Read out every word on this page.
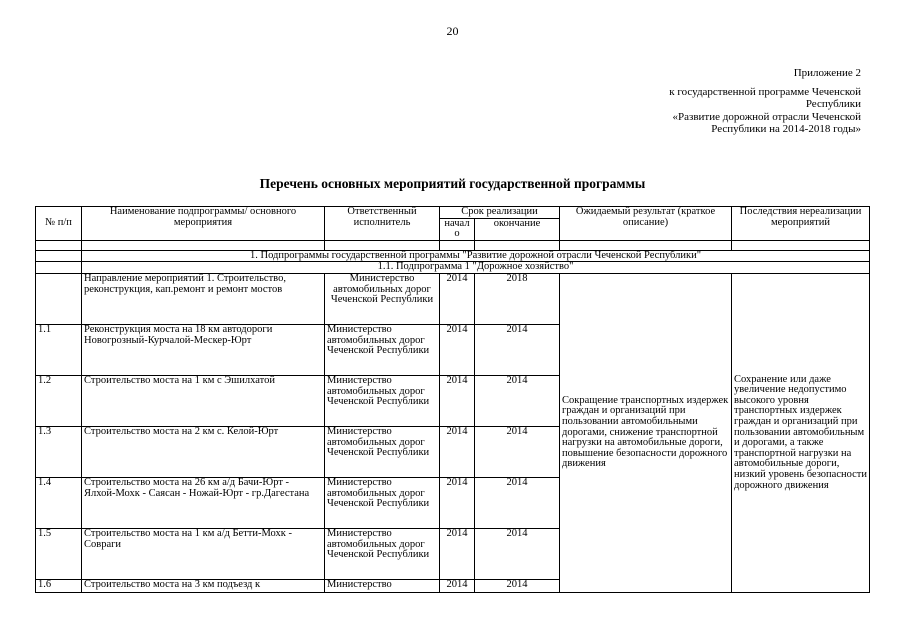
20
Приложение 2
к государственной программе Чеченской
Республики
«Развитие дорожной отрасли Чеченской
Республики на 2014-2018 годы»
Перечень основных мероприятий государственной программы
№ п/п	Наименование подпрограммы/ основного мероприятия	Ответственный исполнитель	Срок реализации		Ожидаемый результат (краткое описание)	Последствия нереализации мероприятий
			начал о	окончание		

	1. Подпрограммы государственной программы "Развитие дорожной отрасли Чеченской Республики"					
	1.1. Подпрограмма 1 "Дорожное хозяйство"					
	Направление мероприятий 1. Строительство, реконструкция, кап.ремонт и ремонт мостов	Министерство автомобильных дорог Чеченской Республики	2014	2018	Сокращение транспортных издержек граждан и организаций при пользовании автомобильными дорогами, снижение транспортной нагрузки на автомобильные дороги, повышение безопасности дорожного движения	Сохранение или даже увеличение недопустимо высокого уровня транспортных издержек граждан и организаций при пользовании автомобильным и дорогами, а также транспортной нагрузки на автомобильные дороги, низкий уровень безопасности дорожного движения
1.1	Реконструкция моста на 18 км автодороги Новогрозный-Курчалой-Мескер-Юрт	Министерство автомобильных дорог Чеченской Республики	2014	2014		
1.2	Строительство моста на 1 км с Эшилхатой	Министерство автомобильных дорог Чеченской Республики	2014	2014		
1.3	Строительство моста на 2 км с. Келой-Юрт	Министерство автомобильных дорог Чеченской Республики	2014	2014		
1.4	Строительство моста на 26 км а/д Бачи-Юрт - Ялхой-Мохк - Саясан - Ножай-Юрт - гр.Дагестана	Министерство автомобильных дорог Чеченской Республики	2014	2014		
1.5	Строительство моста на 1 км а/д Бетти-Мохк - Совраги	Министерство автомобильных дорог Чеченской Республики	2014	2014		
1.6	Строительство моста на 3 км подъезд к	Министерство	2014	2014		
